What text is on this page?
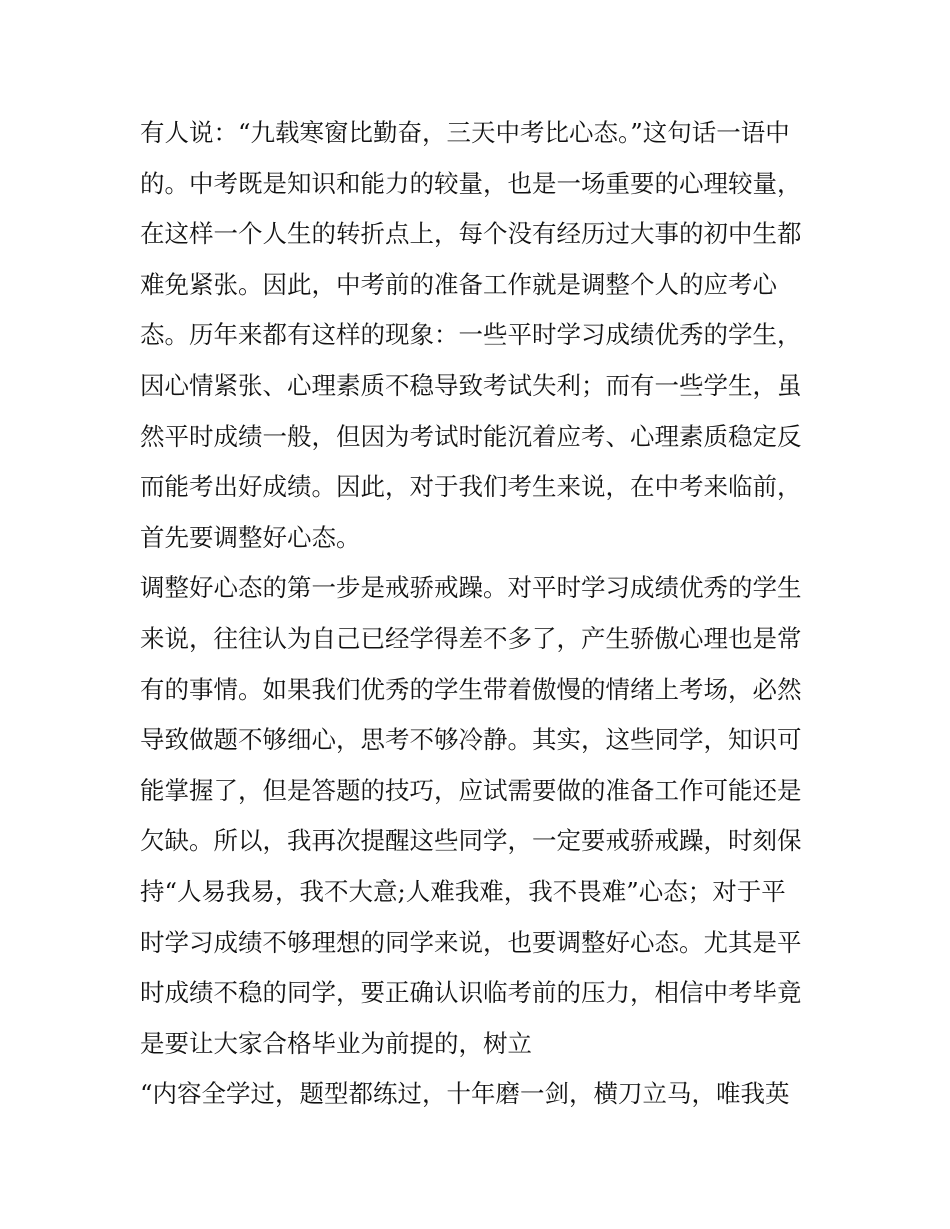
有人说：“九载寒窗比勤奋，三天中考比心态。”这句话一语中
的。中考既是知识和能力的较量，也是一场重要的心理较量，
在这样一个人生的转折点上，每个没有经历过大事的初中生都
难免紧张。因此，中考前的准备工作就是调整个人的应考心
态。历年来都有这样的现象：一些平时学习成绩优秀的学生，
因心情紧张、心理素质不稳导致考试失利；而有一些学生，虽
然平时成绩一般，但因为考试时能沉着应考、心理素质稳定反
而能考出好成绩。因此，对于我们考生来说，在中考来临前，
首先要调整好心态。
调整好心态的第一步是戒骄戒躁。对平时学习成绩优秀的学生
来说，往往认为自己已经学得差不多了，产生骄傲心理也是常
有的事情。如果我们优秀的学生带着傲慢的情绪上考场，必然
导致做题不够细心，思考不够冷静。其实，这些同学，知识可
能掌握了，但是答题的技巧，应试需要做的准备工作可能还是
欠缺。所以，我再次提醒这些同学，一定要戒骄戒躁，时刻保
持“人易我易，我不大意;人难我难，我不畏难”心态；对于平
时学习成绩不够理想的同学来说，也要调整好心态。尤其是平
时成绩不稳的同学，要正确认识临考前的压力，相信中考毕竟
是要让大家合格毕业为前提的，树立
“内容全学过，题型都练过，十年磨一剑，横刀立马，唯我英
